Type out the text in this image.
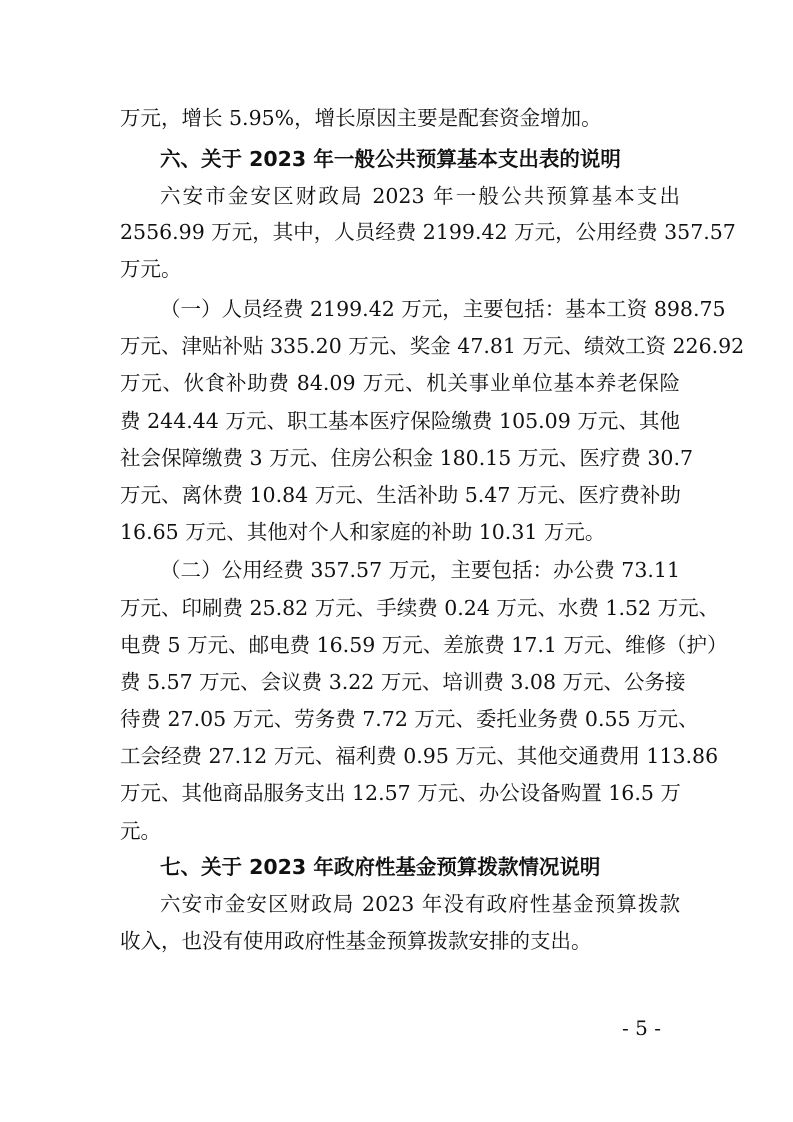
万元，增长 5.95%，增长原因主要是配套资金增加。

六、关于 2023 年一般公共预算基本支出表的说明

六安市金安区财政局 2023 年一般公共预算基本支出

2556.99 万元，其中，人员经费 2199.42 万元，公用经费 357.57

万元。

（一）人员经费 2199.42 万元，主要包括：基本工资 898.75

万元、津贴补贴 335.20 万元、奖金 47.81 万元、绩效工资 226.92

万元、伙食补助费 84.09 万元、机关事业单位基本养老保险

费 244.44 万元、职工基本医疗保险缴费 105.09 万元、其他

社会保障缴费 3 万元、住房公积金 180.15 万元、医疗费 30.7

万元、离休费 10.84 万元、生活补助 5.47 万元、医疗费补助

16.65 万元、其他对个人和家庭的补助 10.31 万元。

（二）公用经费 357.57 万元，主要包括：办公费 73.11

万元、印刷费 25.82 万元、手续费 0.24 万元、水费 1.52 万元、

电费 5 万元、邮电费 16.59 万元、差旅费 17.1 万元、维修（护）

费 5.57 万元、会议费 3.22 万元、培训费 3.08 万元、公务接

待费 27.05 万元、劳务费 7.72 万元、委托业务费 0.55 万元、

工会经费 27.12 万元、福利费 0.95 万元、其他交通费用 113.86

万元、其他商品服务支出 12.57 万元、办公设备购置 16.5 万

元。

七、关于 2023 年政府性基金预算拨款情况说明

六安市金安区财政局 2023 年没有政府性基金预算拨款

收入，也没有使用政府性基金预算拨款安排的支出。

- 5 -
